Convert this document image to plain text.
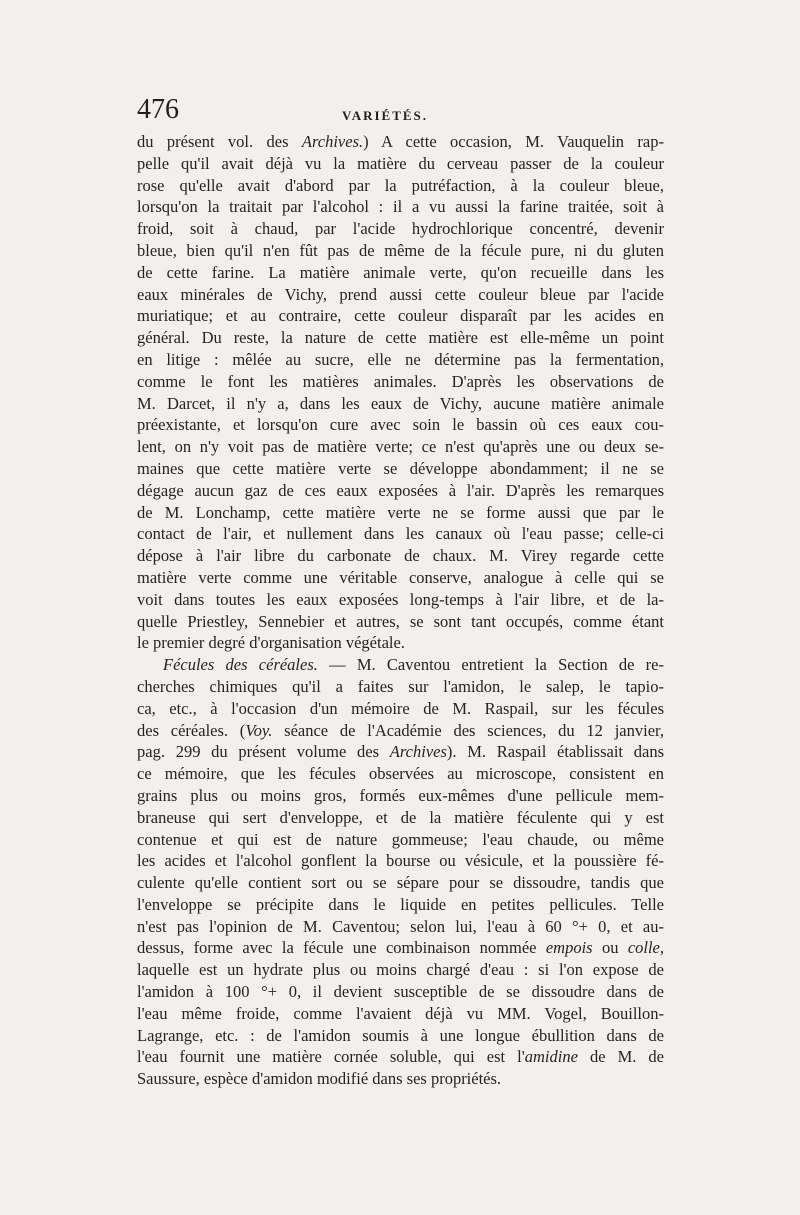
476	VARIÉTÉS.
du présent vol. des Archives.) A cette occasion, M. Vauquelin rap-
pelle qu'il avait déjà vu la matière du cerveau passer de la couleur
rose qu'elle avait d'abord par la putréfaction, à la couleur bleue,
lorsqu'on la traitait par l'alcohol : il a vu aussi la farine traitée, soit à
froid, soit à chaud, par l'acide hydrochlorique concentré, devenir
bleue, bien qu'il n'en fût pas de même de la fécule pure, ni du gluten
de cette farine. La matière animale verte, qu'on recueille dans les
eaux minérales de Vichy, prend aussi cette couleur bleue par l'acide
muriatique; et au contraire, cette couleur disparaît par les acides en
général. Du reste, la nature de cette matière est elle-même un point
en litige : mêlée au sucre, elle ne détermine pas la fermentation,
comme le font les matières animales. D'après les observations de
M. Darcet, il n'y a, dans les eaux de Vichy, aucune matière animale
préexistante, et lorsqu'on cure avec soin le bassin où ces eaux cou-
lent, on n'y voit pas de matière verte; ce n'est qu'après une ou deux se-
maines que cette matière verte se développe abondamment; il ne se
dégage aucun gaz de ces eaux exposées à l'air. D'après les remarques
de M. Lonchamp, cette matière verte ne se forme aussi que par le
contact de l'air, et nullement dans les canaux où l'eau passe; celle-ci
dépose à l'air libre du carbonate de chaux. M. Virey regarde cette
matière verte comme une véritable conserve, analogue à celle qui se
voit dans toutes les eaux exposées long-temps à l'air libre, et de la-
quelle Priestley, Sennebier et autres, se sont tant occupés, comme étant
le premier degré d'organisation végétale.
Fécules des céréales. — M. Caventou entretient la Section de re-
cherches chimiques qu'il a faites sur l'amidon, le salep, le tapio-
ca, etc., à l'occasion d'un mémoire de M. Raspail, sur les fécules
des céréales. (Voy. séance de l'Académie des sciences, du 12 janvier,
pag. 299 du présent volume des Archives). M. Raspail établissait dans
ce mémoire, que les fécules observées au microscope, consistent en
grains plus ou moins gros, formés eux-mêmes d'une pellicule mem-
braneuse qui sert d'enveloppe, et de la matière féculente qui y est
contenue et qui est de nature gommeuse; l'eau chaude, ou même
les acides et l'alcohol gonflent la bourse ou vésicule, et la poussière fé-
culente qu'elle contient sort ou se sépare pour se dissoudre, tandis que
l'enveloppe se précipite dans le liquide en petites pellicules. Telle
n'est pas l'opinion de M. Caventou; selon lui, l'eau à 60 °+ 0, et au-
dessus, forme avec la fécule une combinaison nommée empois ou colle,
laquelle est un hydrate plus ou moins chargé d'eau : si l'on expose de
l'amidon à 100 °+ 0, il devient susceptible de se dissoudre dans de
l'eau même froide, comme l'avaient déjà vu MM. Vogel, Bouillon-
Lagrange, etc. : de l'amidon soumis à une longue ébullition dans de
l'eau fournit une matière cornée soluble, qui est l'amidine de M. de
Saussure, espèce d'amidon modifié dans ses propriétés.
